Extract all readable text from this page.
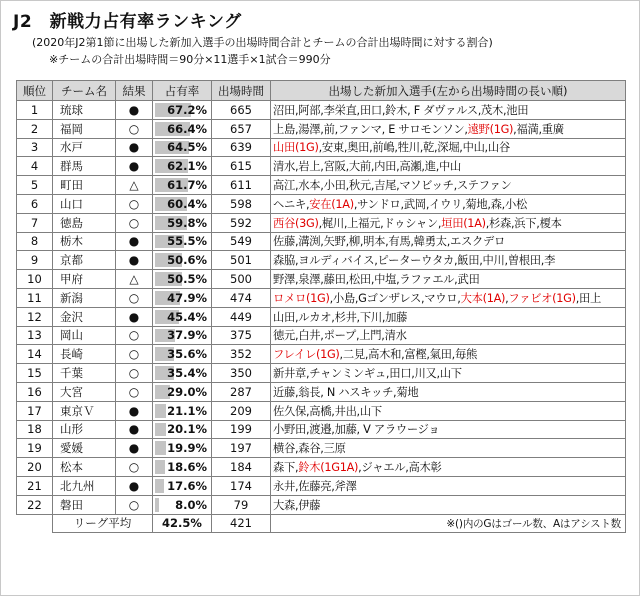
J2　新戦力占有率ランキング
(2020年J2第1節に出場した新加入選手の出場時間合計とチームの合計出場時間に対する割合)
※チームの合計出場時間＝90分×11選手×1試合＝990分
順位	チーム名	結果	占有率	出場時間	出場した新加入選手(左から出場時間の長い順)
1	琉球	●	67.2%	665	沼田,阿部,李栄直,田口,鈴木, F ダヴァルス,茂木,池田
2	福岡	○	66.4%	657	上島,湯澤,前,ファンマ, E サロモンソン,遠野(1G),福満,重廣
3	水戸	●	64.5%	639	山田(1G),安東,奥田,前嶋,牲川,乾,深堀,中山,山谷
4	群馬	●	62.1%	615	清水,岩上,宮阪,大前,内田,高瀬,進,中山
5	町田	△	61.7%	611	高江,水本,小田,秋元,吉尾,マソビッチ,ステファン
6	山口	○	60.4%	598	ヘニキ,安在(1A),サンドロ,武岡,イウリ,菊地,森,小松
7	徳島	○	59.8%	592	西谷(3G),梶川,上福元,ドゥシャン,垣田(1A),杉森,浜下,榎本
8	栃木	●	55.5%	549	佐藤,溝渕,矢野,柳,明本,有馬,韓勇太,エスクデロ
9	京都	●	50.6%	501	森脇,ヨルディバイス,ピーターウタカ,飯田,中川,曽根田,李
10	甲府	△	50.5%	500	野澤,泉澤,藤田,松田,中塩,ラファエル,武田
11	新潟	○	47.9%	474	ロメロ(1G),小島,Gゴンザレス,マウロ,大本(1A),ファビオ(1G),田上
12	金沢	●	45.4%	449	山田,ルカオ,杉井,下川,加藤
13	岡山	○	37.9%	375	徳元,白井,ポープ,上門,清水
14	長崎	○	35.6%	352	フレイレ(1G),二見,高木和,富樫,氣田,毎熊
15	千葉	○	35.4%	350	新井章,チャンミンギュ,田口,川又,山下
16	大宮	○	29.0%	287	近藤,翁長, N ハスキッチ,菊地
17	東京Ｖ	●	21.1%	209	佐久保,高橋,井出,山下
18	山形	●	20.1%	199	小野田,渡邉,加藤, V アラウージョ
19	愛媛	●	19.9%	197	横谷,森谷,三原
20	松本	○	18.6%	184	森下,鈴木(1G1A),ジャエル,高木彰
21	北九州	●	17.6%	174	永井,佐藤亮,斧澤
22	磐田	○	8.0%	79	大森,伊藤
	リーグ平均		42.5%	421	※()内のGはゴール数、Aはアシスト数
